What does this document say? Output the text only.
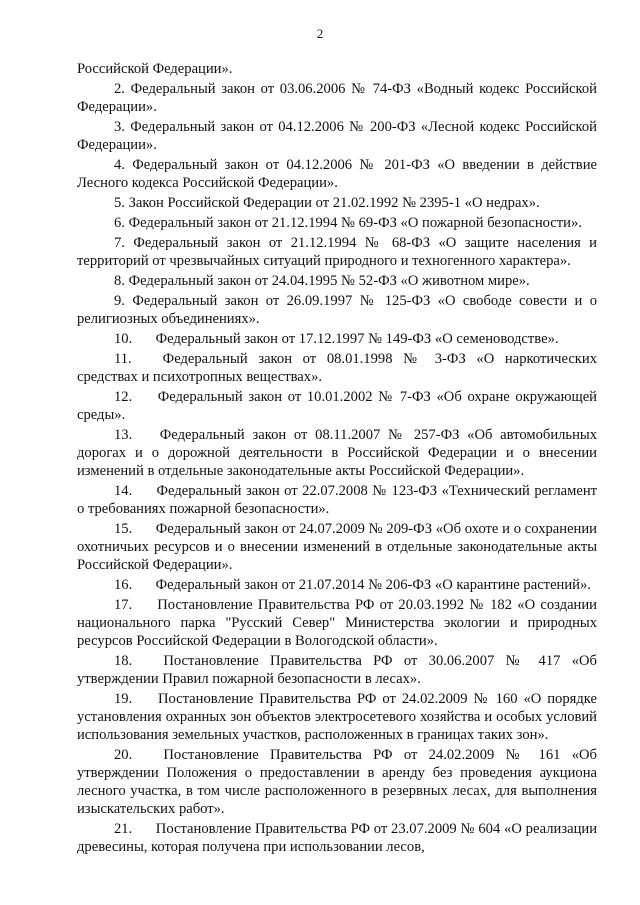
2

Российской Федерации».

2. Федеральный закон от 03.06.2006 № 74-ФЗ «Водный кодекс Российской Федерации».

3. Федеральный закон от 04.12.2006 № 200-ФЗ «Лесной кодекс Российской Федерации».

4. Федеральный закон от 04.12.2006 № 201-ФЗ «О введении в действие Лесного кодекса Российской Федерации».

5. Закон Российской Федерации от 21.02.1992 № 2395-1 «О недрах».

6. Федеральный закон от 21.12.1994 № 69-ФЗ «О пожарной безопасности».

7. Федеральный закон от 21.12.1994 № 68-ФЗ «О защите населения и территорий от чрезвычайных ситуаций природного и техногенного характера».

8. Федеральный закон от 24.04.1995 № 52-ФЗ «О животном мире».

9. Федеральный закон от 26.09.1997 № 125-ФЗ «О свободе совести и о религиозных объединениях».

10. Федеральный закон от 17.12.1997 № 149-ФЗ «О семеноводстве».

11. Федеральный закон от 08.01.1998 № 3-ФЗ «О наркотических средствах и психотропных веществах».

12. Федеральный закон от 10.01.2002 № 7-ФЗ «Об охране окружающей среды».

13. Федеральный закон от 08.11.2007 № 257-ФЗ «Об автомобильных дорогах и о дорожной деятельности в Российской Федерации и о внесении изменений в отдельные законодательные акты Российской Федерации».

14. Федеральный закон от 22.07.2008 № 123-ФЗ «Технический регламент о требованиях пожарной безопасности».

15. Федеральный закон от 24.07.2009 № 209-ФЗ «Об охоте и о сохранении охотничьих ресурсов и о внесении изменений в отдельные законодательные акты Российской Федерации».

16. Федеральный закон от 21.07.2014 № 206-ФЗ «О карантине растений».

17. Постановление Правительства РФ от 20.03.1992 № 182 «О создании национального парка "Русский Север" Министерства экологии и природных ресурсов Российской Федерации в Вологодской области».

18. Постановление Правительства РФ от 30.06.2007 № 417 «Об утверждении Правил пожарной безопасности в лесах».

19. Постановление Правительства РФ от 24.02.2009 № 160 «О порядке установления охранных зон объектов электросетевого хозяйства и особых условий использования земельных участков, расположенных в границах таких зон».

20. Постановление Правительства РФ от 24.02.2009 № 161 «Об утверждении Положения о предоставлении в аренду без проведения аукциона лесного участка, в том числе расположенного в резервных лесах, для выполнения изыскательских работ».

21. Постановление Правительства РФ от 23.07.2009 № 604 «О реализации древесины, которая получена при использовании лесов,
